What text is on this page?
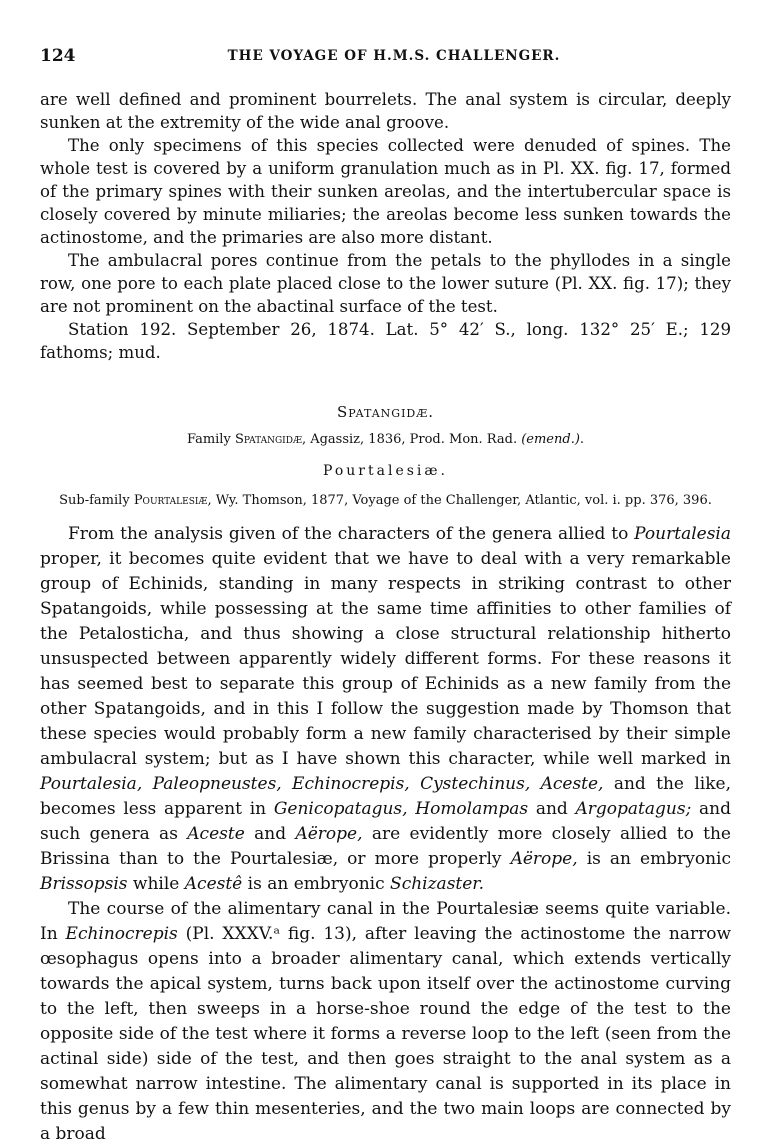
124	THE VOYAGE OF H.M.S. CHALLENGER.

are well defined and prominent bourrelets. The anal system is circular, deeply sunken at the extremity of the wide anal groove.

The only specimens of this species collected were denuded of spines. The whole test is covered by a uniform granulation much as in Pl. XX. fig. 17, formed of the primary spines with their sunken areolas, and the intertubercular space is closely covered by minute miliaries; the areolas become less sunken towards the actinostome, and the primaries are also more distant.

The ambulacral pores continue from the petals to the phyllodes in a single row, one pore to each plate placed close to the lower suture (Pl. XX. fig. 17); they are not prominent on the abactinal surface of the test.

Station 192. September 26, 1874. Lat. 5° 42′ S., long. 132° 25′ E.; 129 fathoms; mud.

Spatangidæ.
Family Spatangidæ, Agassiz, 1836, Prod. Mon. Rad. (emend.).
Pourtalesiæ.
Sub-family Pourtalesiæ, Wy. Thomson, 1877, Voyage of the Challenger, Atlantic, vol. i. pp. 376, 396.

From the analysis given of the characters of the genera allied to Pourtalesia proper, it becomes quite evident that we have to deal with a very remarkable group of Echinids, standing in many respects in striking contrast to other Spatangoids, while possessing at the same time affinities to other families of the Petalosticha, and thus showing a close structural relationship hitherto unsuspected between apparently widely different forms. For these reasons it has seemed best to separate this group of Echinids as a new family from the other Spatangoids, and in this I follow the suggestion made by Thomson that these species would probably form a new family characterised by their simple ambulacral system; but as I have shown this character, while well marked in Pourtalesia, Paleopneustes, Echinocrepis, Cystechinus, Aceste, and the like, becomes less apparent in Genicopatagus, Homolampas and Argopatagus; and such genera as Aceste and Aërope, are evidently more closely allied to the Brissina than to the Pourtalesiæ, or more properly Aërope, is an embryonic Brissopsis while Acestê is an embryonic Schizaster.

The course of the alimentary canal in the Pourtalesiæ seems quite variable. In Echinocrepis (Pl. XXXV.ᵃ fig. 13), after leaving the actinostome the narrow œsophagus opens into a broader alimentary canal, which extends vertically towards the apical system, turns back upon itself over the actinostome curving to the left, then sweeps in a horse-shoe round the edge of the test to the opposite side of the test where it forms a reverse loop to the left (seen from the actinal side) side of the test, and then goes straight to the anal system as a somewhat narrow intestine. The alimentary canal is supported in its place in this genus by a few thin mesenteries, and the two main loops are connected by a broad
